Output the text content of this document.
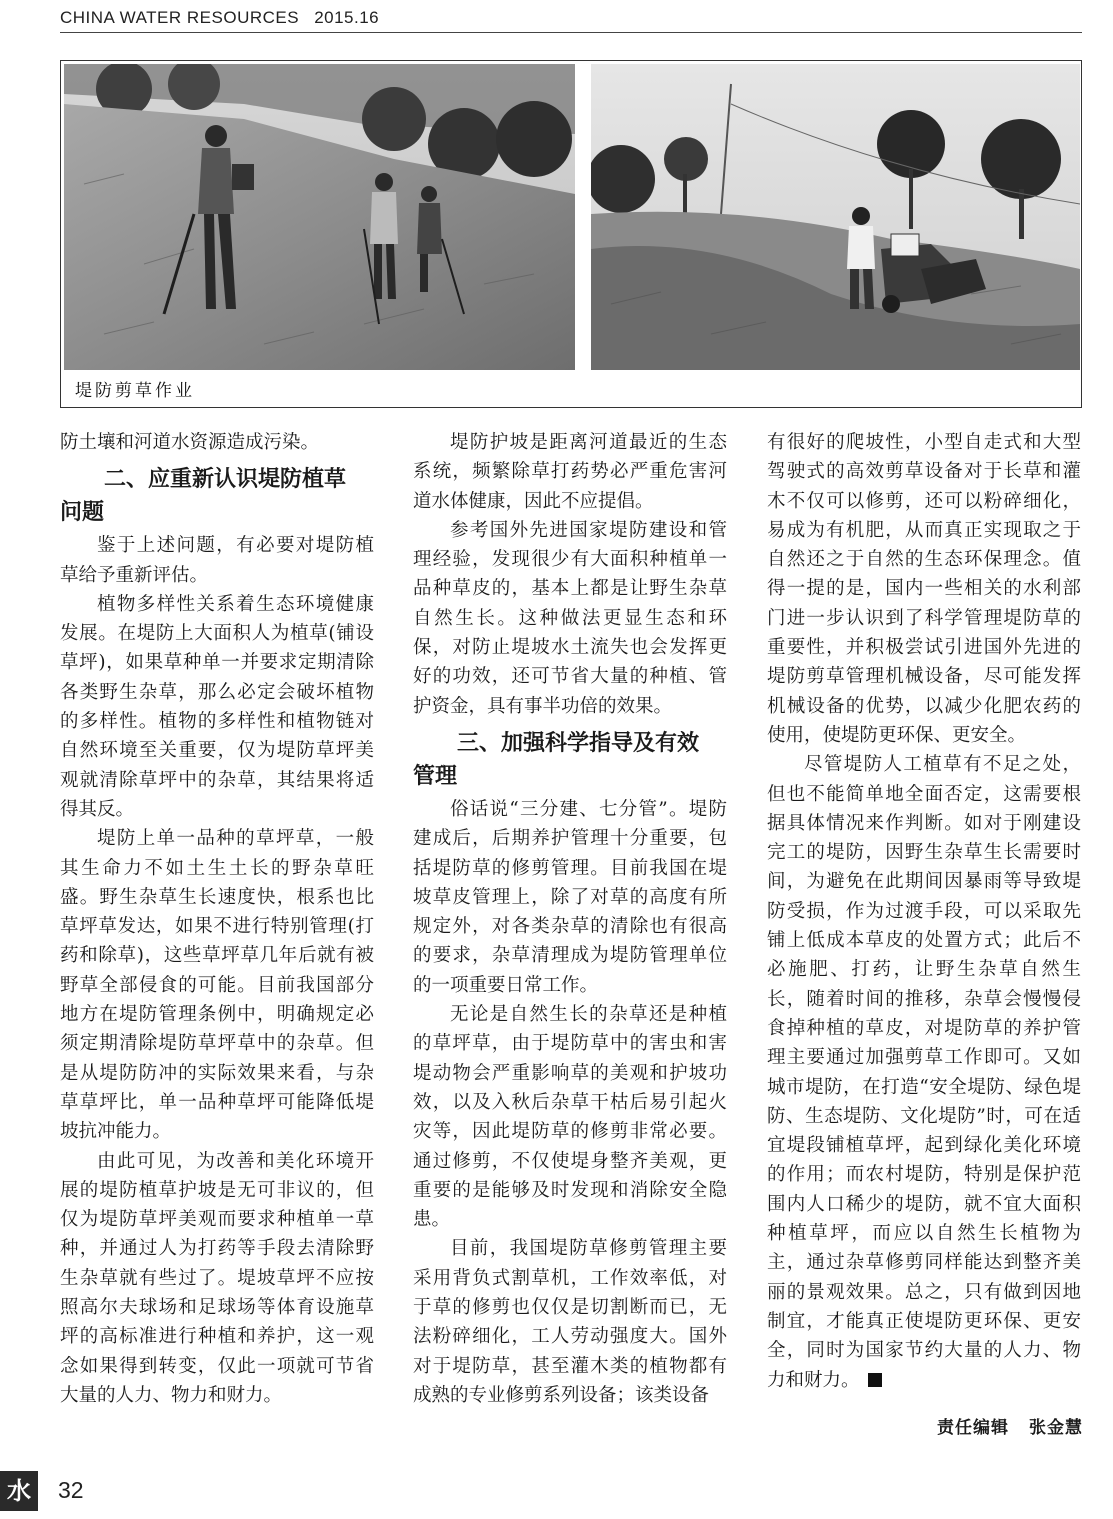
CHINA WATER RESOURCES 2015.16
堤防剪草作业

防土壤和河道水资源造成污染。

二、应重新认识堤防植草
问题

鉴于上述问题，有必要对堤防植草给予重新评估。

植物多样性关系着生态环境健康发展。在堤防上大面积人为植草(铺设草坪)，如果草种单一并要求定期清除各类野生杂草，那么必定会破坏植物的多样性。植物的多样性和植物链对自然环境至关重要，仅为堤防草坪美观就清除草坪中的杂草，其结果将适得其反。

堤防上单一品种的草坪草，一般其生命力不如土生土长的野杂草旺盛。野生杂草生长速度快，根系也比草坪草发达，如果不进行特别管理(打药和除草)，这些草坪草几年后就有被野草全部侵食的可能。目前我国部分地方在堤防管理条例中，明确规定必须定期清除堤防草坪草中的杂草。但是从堤防防冲的实际效果来看，与杂草草坪比，单一品种草坪可能降低堤坡抗冲能力。

由此可见，为改善和美化环境开展的堤防植草护坡是无可非议的，但仅为堤防草坪美观而要求种植单一草种，并通过人为打药等手段去清除野生杂草就有些过了。堤坡草坪不应按照高尔夫球场和足球场等体育设施草坪的高标准进行种植和养护，这一观念如果得到转变，仅此一项就可节省大量的人力、物力和财力。

堤防护坡是距离河道最近的生态系统，频繁除草打药势必严重危害河道水体健康，因此不应提倡。

参考国外先进国家堤防建设和管理经验，发现很少有大面积种植单一品种草皮的，基本上都是让野生杂草自然生长。这种做法更显生态和环保，对防止堤坡水土流失也会发挥更好的功效，还可节省大量的种植、管护资金，具有事半功倍的效果。

三、加强科学指导及有效
管理

俗话说“三分建、七分管”。堤防建成后，后期养护管理十分重要，包括堤防草的修剪管理。目前我国在堤坡草皮管理上，除了对草的高度有所规定外，对各类杂草的清除也有很高的要求，杂草清理成为堤防管理单位的一项重要日常工作。

无论是自然生长的杂草还是种植的草坪草，由于堤防草中的害虫和害堤动物会严重影响草的美观和护坡功效，以及入秋后杂草干枯后易引起火灾等，因此堤防草的修剪非常必要。通过修剪，不仅使堤身整齐美观，更重要的是能够及时发现和消除安全隐患。

目前，我国堤防草修剪管理主要采用背负式割草机，工作效率低，对于草的修剪也仅仅是切割断而已，无法粉碎细化，工人劳动强度大。国外对于堤防草，甚至灌木类的植物都有成熟的专业修剪系列设备；该类设备

有很好的爬坡性，小型自走式和大型驾驶式的高效剪草设备对于长草和灌木不仅可以修剪，还可以粉碎细化，易成为有机肥，从而真正实现取之于自然还之于自然的生态环保理念。值得一提的是，国内一些相关的水利部门进一步认识到了科学管理堤防草的重要性，并积极尝试引进国外先进的堤防剪草管理机械设备，尽可能发挥机械设备的优势，以减少化肥农药的使用，使堤防更环保、更安全。

尽管堤防人工植草有不足之处，但也不能简单地全面否定，这需要根据具体情况来作判断。如对于刚建设完工的堤防，因野生杂草生长需要时间，为避免在此期间因暴雨等导致堤防受损，作为过渡手段，可以采取先铺上低成本草皮的处置方式；此后不必施肥、打药，让野生杂草自然生长，随着时间的推移，杂草会慢慢侵食掉种植的草皮，对堤防草的养护管理主要通过加强剪草工作即可。又如城市堤防，在打造“安全堤防、绿色堤防、生态堤防、文化堤防”时，可在适宜堤段铺植草坪，起到绿化美化环境的作用；而农村堤防，特别是保护范围内人口稀少的堤防，就不宜大面积种植草坪，而应以自然生长植物为主，通过杂草修剪同样能达到整齐美丽的景观效果。总之，只有做到因地制宜，才能真正使堤防更环保、更安全，同时为国家节约大量的人力、物力和财力。

责任编辑 张金慧
水	32
